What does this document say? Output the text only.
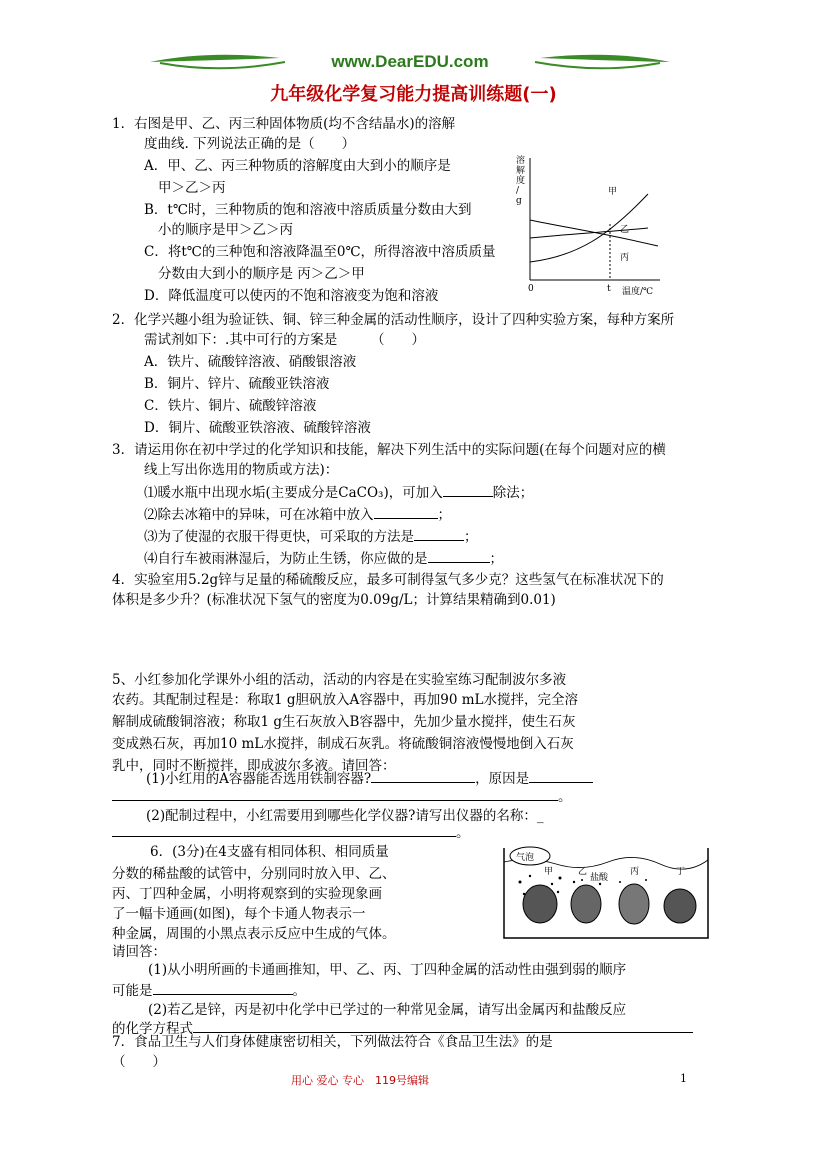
www.DearEDU.com
九年级化学复习能力提高训练题(一)
1．右图是甲、乙、丙三种固体物质(均不含结晶水)的溶解
度曲线. 下列说法正确的是（　　）
A．甲、乙、丙三种物质的溶解度由大到小的顺序是
甲＞乙＞丙
B．t℃时，三种物质的饱和溶液中溶质质量分数由大到
小的顺序是甲＞乙＞丙
C．将t℃的三种饱和溶液降温至0℃，所得溶液中溶质质量
分数由大到小的顺序是 丙＞乙＞甲
D．降低温度可以使丙的不饱和溶液变为饱和溶液
溶
解
度
/
g
甲
乙
丙
0	t 温度/℃
2．化学兴趣小组为验证铁、铜、锌三种金属的活动性顺序，设计了四种实验方案，每种方案所
需试剂如下：.其中可行的方案是　　　（　　）
A．铁片、硫酸锌溶液、硝酸银溶液
B．铜片、锌片、硫酸亚铁溶液
C．铁片、铜片、硫酸锌溶液
D．铜片、硫酸亚铁溶液、硫酸锌溶液
3．请运用你在初中学过的化学知识和技能，解决下列生活中的实际问题(在每个问题对应的横
线上写出你选用的物质或方法)：
⑴暖水瓶中出现水垢(主要成分是CaCO₃)，可加入	除法；
⑵除去冰箱中的异味，可在冰箱中放入	；
⑶为了使湿的衣服干得更快，可采取的方法是	；
⑷自行车被雨淋湿后，为防止生锈，你应做的是	；
4．实验室用5.2g锌与足量的稀硫酸反应，最多可制得氢气多少克？这些氢气在标准状况下的
体积是多少升？(标准状况下氢气的密度为0.09g/L；计算结果精确到0.01)
5、小红参加化学课外小组的活动，活动的内容是在实验室练习配制波尔多液
农药。其配制过程是：称取1 g胆矾放入A容器中，再加90 mL水搅拌，完全溶
解制成硫酸铜溶液；称取1 g生石灰放入B容器中，先加少量水搅拌，使生石灰
变成熟石灰，再加10 mL水搅拌，制成石灰乳。将硫酸铜溶液慢慢地倒入石灰
乳中，同时不断搅拌，即成波尔多液。请回答：
(1)小红用的A容器能否选用铁制容器?	，原因是
。
(2)配制过程中，小红需要用到哪些化学仪器?请写出仪器的名称：_
。
6．(3分)在4支盛有相同体积、相同质量
分数的稀盐酸的试管中，分别同时放入甲、乙、
丙、丁四种金属，小明将观察到的实验现象画
了一幅卡通画(如图)，每个卡通人物表示一
种金属，周围的小黑点表示反应中生成的气体。
请回答：
(1)从小明所画的卡通画推知，甲、乙、丙、丁四种金属的活动性由强到弱的顺序
可能是	。
(2)若乙是锌，丙是初中化学中已学过的一种常见金属，请写出金属丙和盐酸反应
的化学方程式
气泡
甲	乙
盐酸
丙	丁
7．食品卫生与人们身体健康密切相关，下列做法符合《食品卫生法》的是
（　　）
用心 爱心 专心　119号编辑	1
